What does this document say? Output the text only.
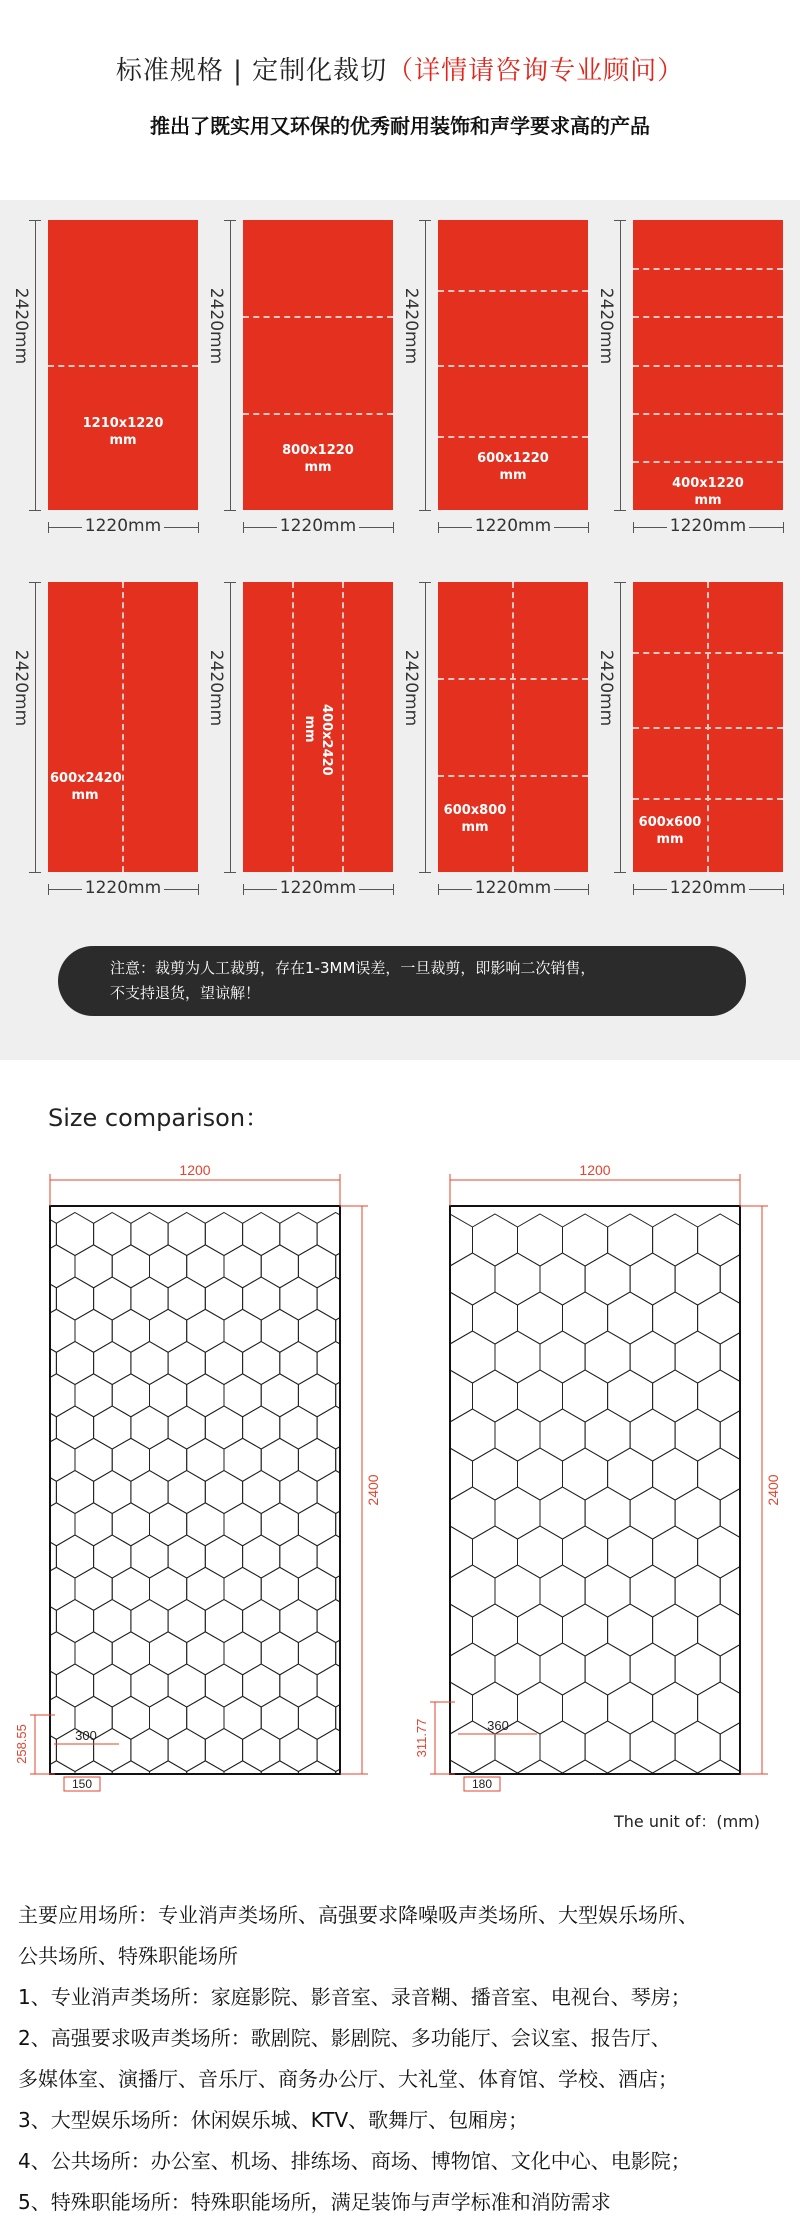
标准规格 | 定制化裁切（详情请咨询专业顾问）
推出了既实用又环保的优秀耐用装饰和声学要求高的产品
2420mm
1210x1220
mm
1220mm
2420mm
800x1220
mm
1220mm
2420mm
600x1220
mm
1220mm
2420mm
400x1220
mm
1220mm
2420mm
600x2420
mm
1220mm
2420mm
400x2420
mm
1220mm
2420mm
600x800
mm
1220mm
2420mm
600x600
mm
1220mm
注意：裁剪为人工裁剪，存在1-3MM误差，一旦裁剪，即影响二次销售，
不支持退货，望谅解！
Size comparison：
1200
2400
258.55	300
150
1200
2400
311.77	360
180
The unit of：(mm)
主要应用场所：专业消声类场所、高强要求降噪吸声类场所、大型娱乐场所、
公共场所、特殊职能场所
1、专业消声类场所：家庭影院、影音室、录音糊、播音室、电视台、琴房；
2、高强要求吸声类场所：歌剧院、影剧院、多功能厅、会议室、报告厅、
多媒体室、演播厅、音乐厅、商务办公厅、大礼堂、体育馆、学校、酒店；
3、大型娱乐场所：休闲娱乐城、KTV、歌舞厅、包厢房；
4、公共场所：办公室、机场、排练场、商场、博物馆、文化中心、电影院；
5、特殊职能场所：特殊职能场所，满足装饰与声学标准和消防需求
